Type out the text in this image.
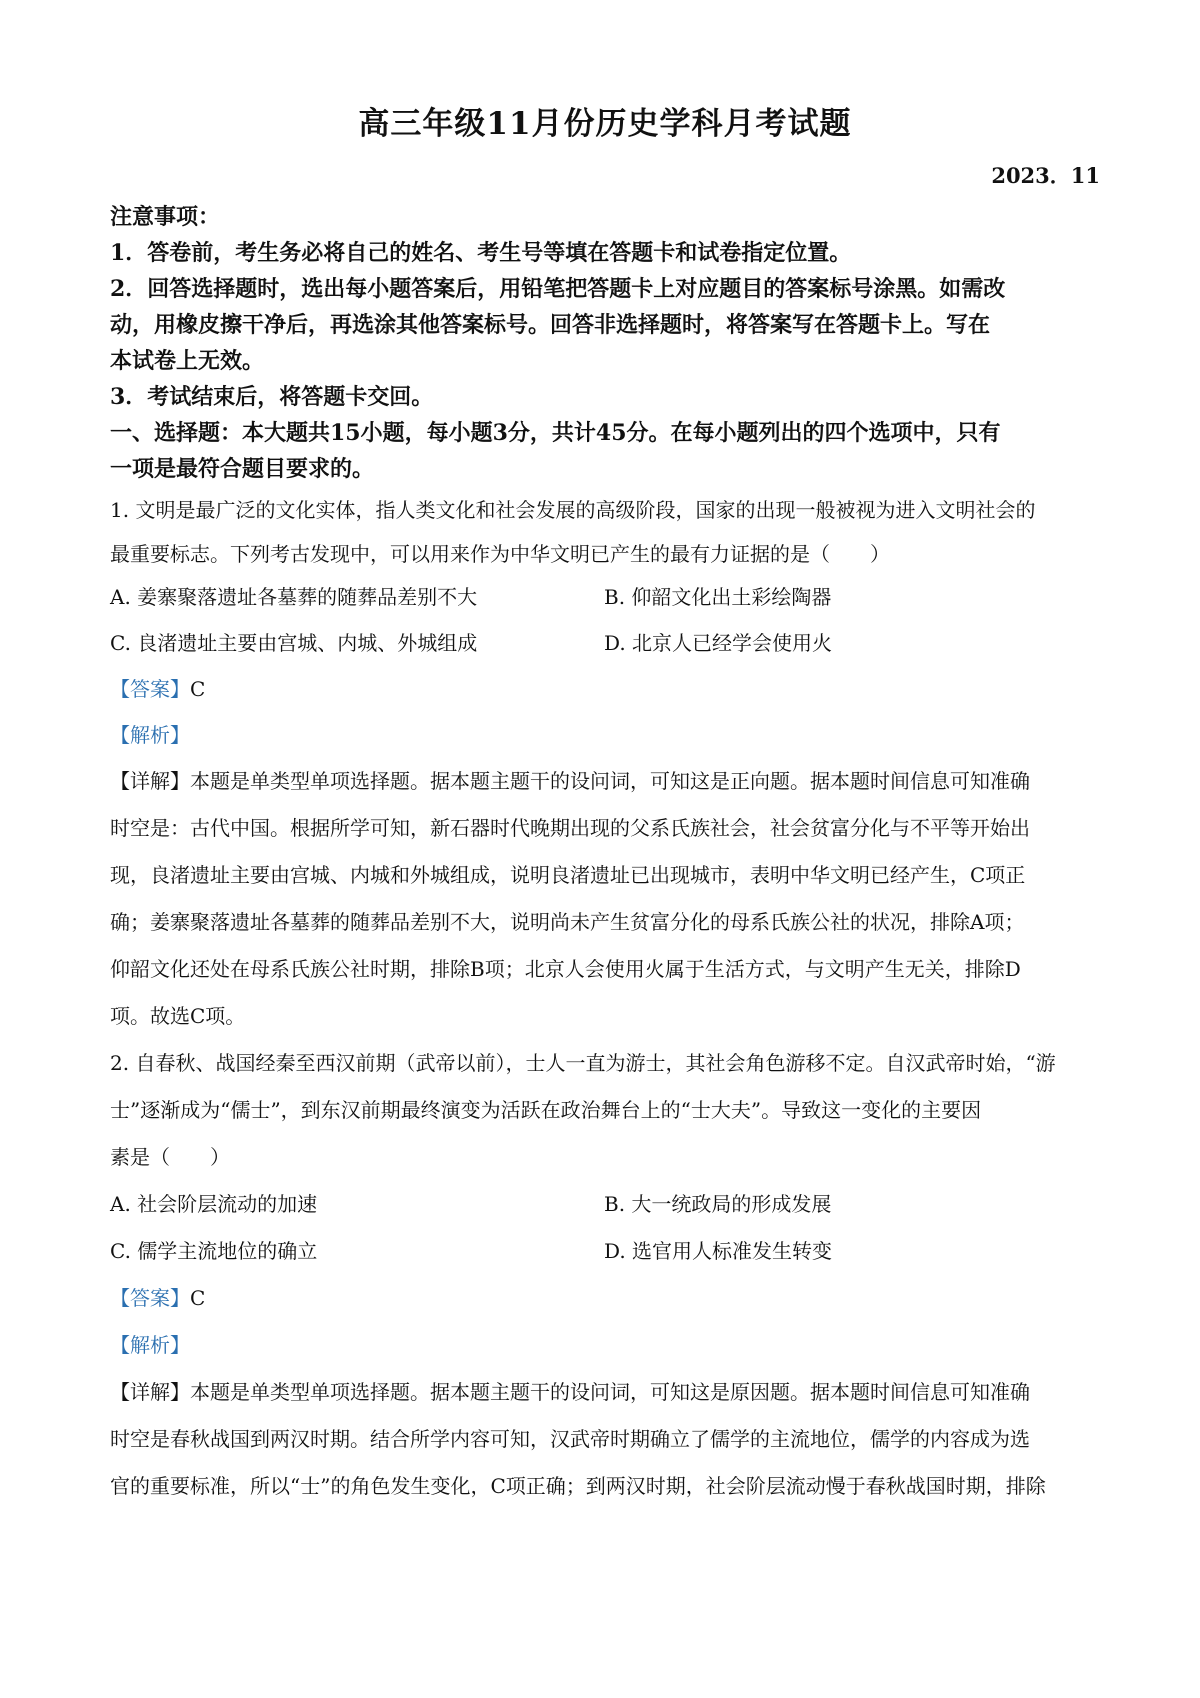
高三年级11月份历史学科月考试题
2023．11
注意事项：
1．答卷前，考生务必将自己的姓名、考生号等填在答题卡和试卷指定位置。
2．回答选择题时，选出每小题答案后，用铅笔把答题卡上对应题目的答案标号涂黑。如需改
动，用橡皮擦干净后，再选涂其他答案标号。回答非选择题时，将答案写在答题卡上。写在
本试卷上无效。
3．考试结束后，将答题卡交回。
一、选择题：本大题共15小题，每小题3分，共计45分。在每小题列出的四个选项中，只有
一项是最符合题目要求的。
1. 文明是最广泛的文化实体，指人类文化和社会发展的高级阶段，国家的出现一般被视为进入文明社会的
最重要标志。下列考古发现中，可以用来作为中华文明已产生的最有力证据的是（　　）
A. 姜寨聚落遗址各墓葬的随葬品差别不大	B. 仰韶文化出土彩绘陶器
C. 良渚遗址主要由宫城、内城、外城组成	D. 北京人已经学会使用火
【答案】C
【解析】
【详解】本题是单类型单项选择题。据本题主题干的设问词，可知这是正向题。据本题时间信息可知准确
时空是：古代中国。根据所学可知，新石器时代晚期出现的父系氏族社会，社会贫富分化与不平等开始出
现，良渚遗址主要由宫城、内城和外城组成，说明良渚遗址已出现城市，表明中华文明已经产生，C项正
确；姜寨聚落遗址各墓葬的随葬品差别不大，说明尚未产生贫富分化的母系氏族公社的状况，排除A项；
仰韶文化还处在母系氏族公社时期，排除B项；北京人会使用火属于生活方式，与文明产生无关，排除D
项。故选C项。
2. 自春秋、战国经秦至西汉前期（武帝以前），士人一直为游士，其社会角色游移不定。自汉武帝时始，“游
士”逐渐成为“儒士”，到东汉前期最终演变为活跃在政治舞台上的“士大夫”。导致这一变化的主要因
素是（　　）
A. 社会阶层流动的加速	B. 大一统政局的形成发展
C. 儒学主流地位的确立	D. 选官用人标准发生转变
【答案】C
【解析】
【详解】本题是单类型单项选择题。据本题主题干的设问词，可知这是原因题。据本题时间信息可知准确
时空是春秋战国到两汉时期。结合所学内容可知，汉武帝时期确立了儒学的主流地位，儒学的内容成为选
官的重要标准，所以“士”的角色发生变化，C项正确；到两汉时期，社会阶层流动慢于春秋战国时期，排除
